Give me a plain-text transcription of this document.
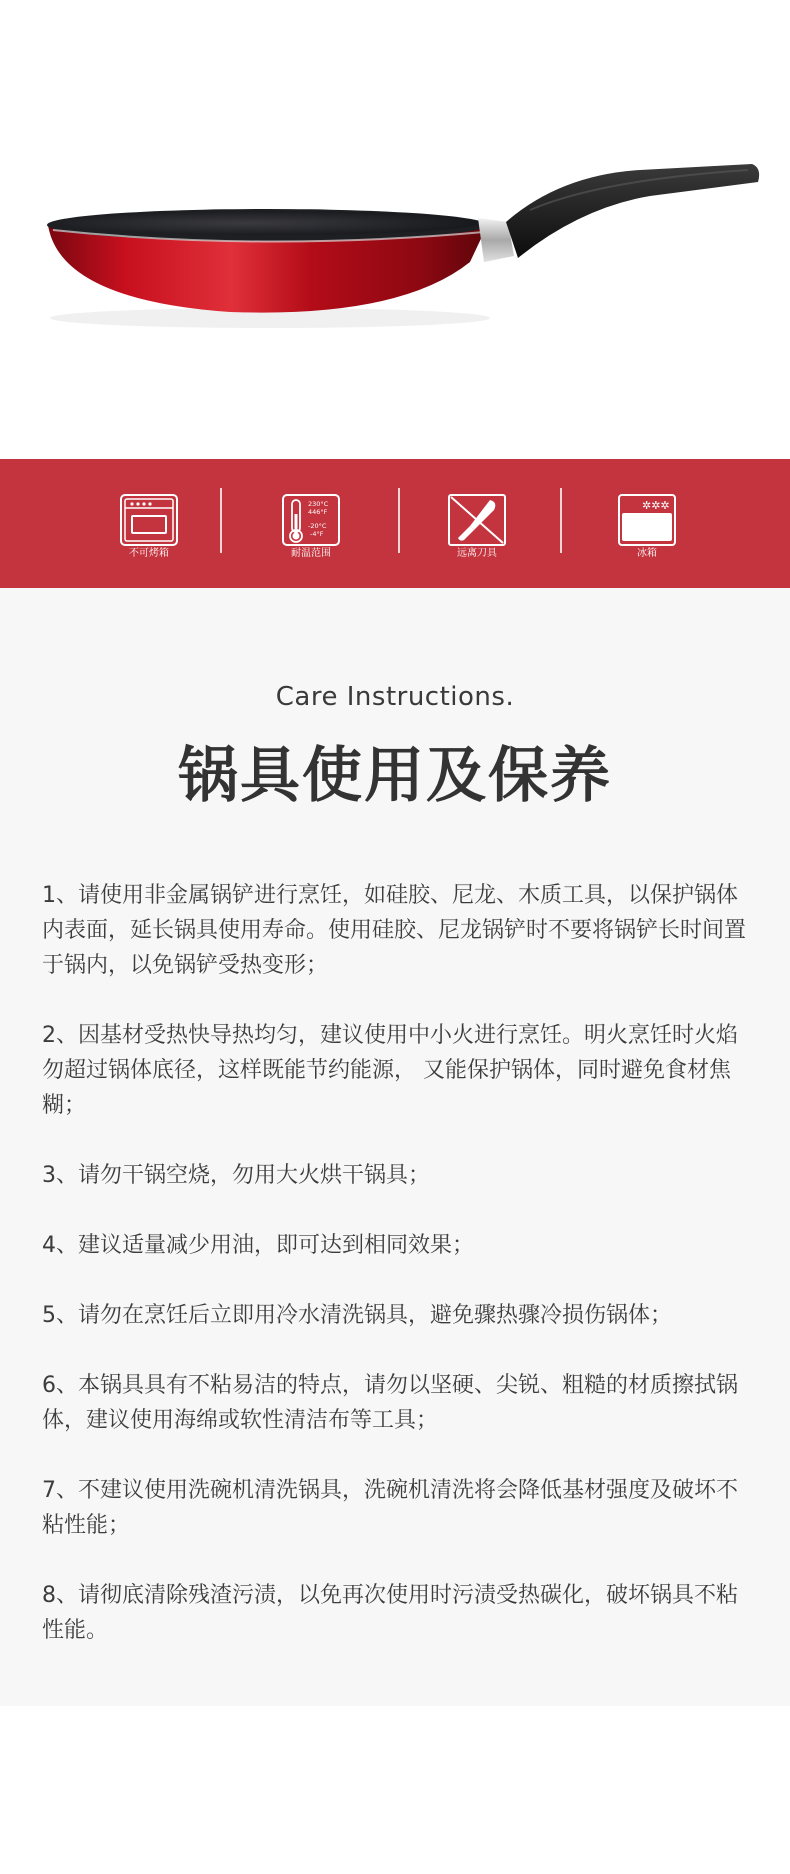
不可烤箱
230°C
446°F
-20°C
-4°F
耐温范围	远离刀具
✲✲✲
冰箱
Care Instructions.
锅具使用及保养
1、请使用非金属锅铲进行烹饪，如硅胶、尼龙、木质工具，以保护锅体内表面，延长锅具使用寿命。使用硅胶、尼龙锅铲时不要将锅铲长时间置于锅内，以免锅铲受热变形；
2、因基材受热快导热均匀，建议使用中小火进行烹饪。明火烹饪时火焰勿超过锅体底径，这样既能节约能源， 又能保护锅体，同时避免食材焦糊；
3、请勿干锅空烧，勿用大火烘干锅具；
4、建议适量减少用油，即可达到相同效果；
5、请勿在烹饪后立即用冷水清洗锅具，避免骤热骤冷损伤锅体；
6、本锅具具有不粘易洁的特点，请勿以坚硬、尖锐、粗糙的材质擦拭锅体，建议使用海绵或软性清洁布等工具；
7、不建议使用洗碗机清洗锅具，洗碗机清洗将会降低基材强度及破坏不粘性能；
8、请彻底清除残渣污渍，以免再次使用时污渍受热碳化，破坏锅具不粘性能。
